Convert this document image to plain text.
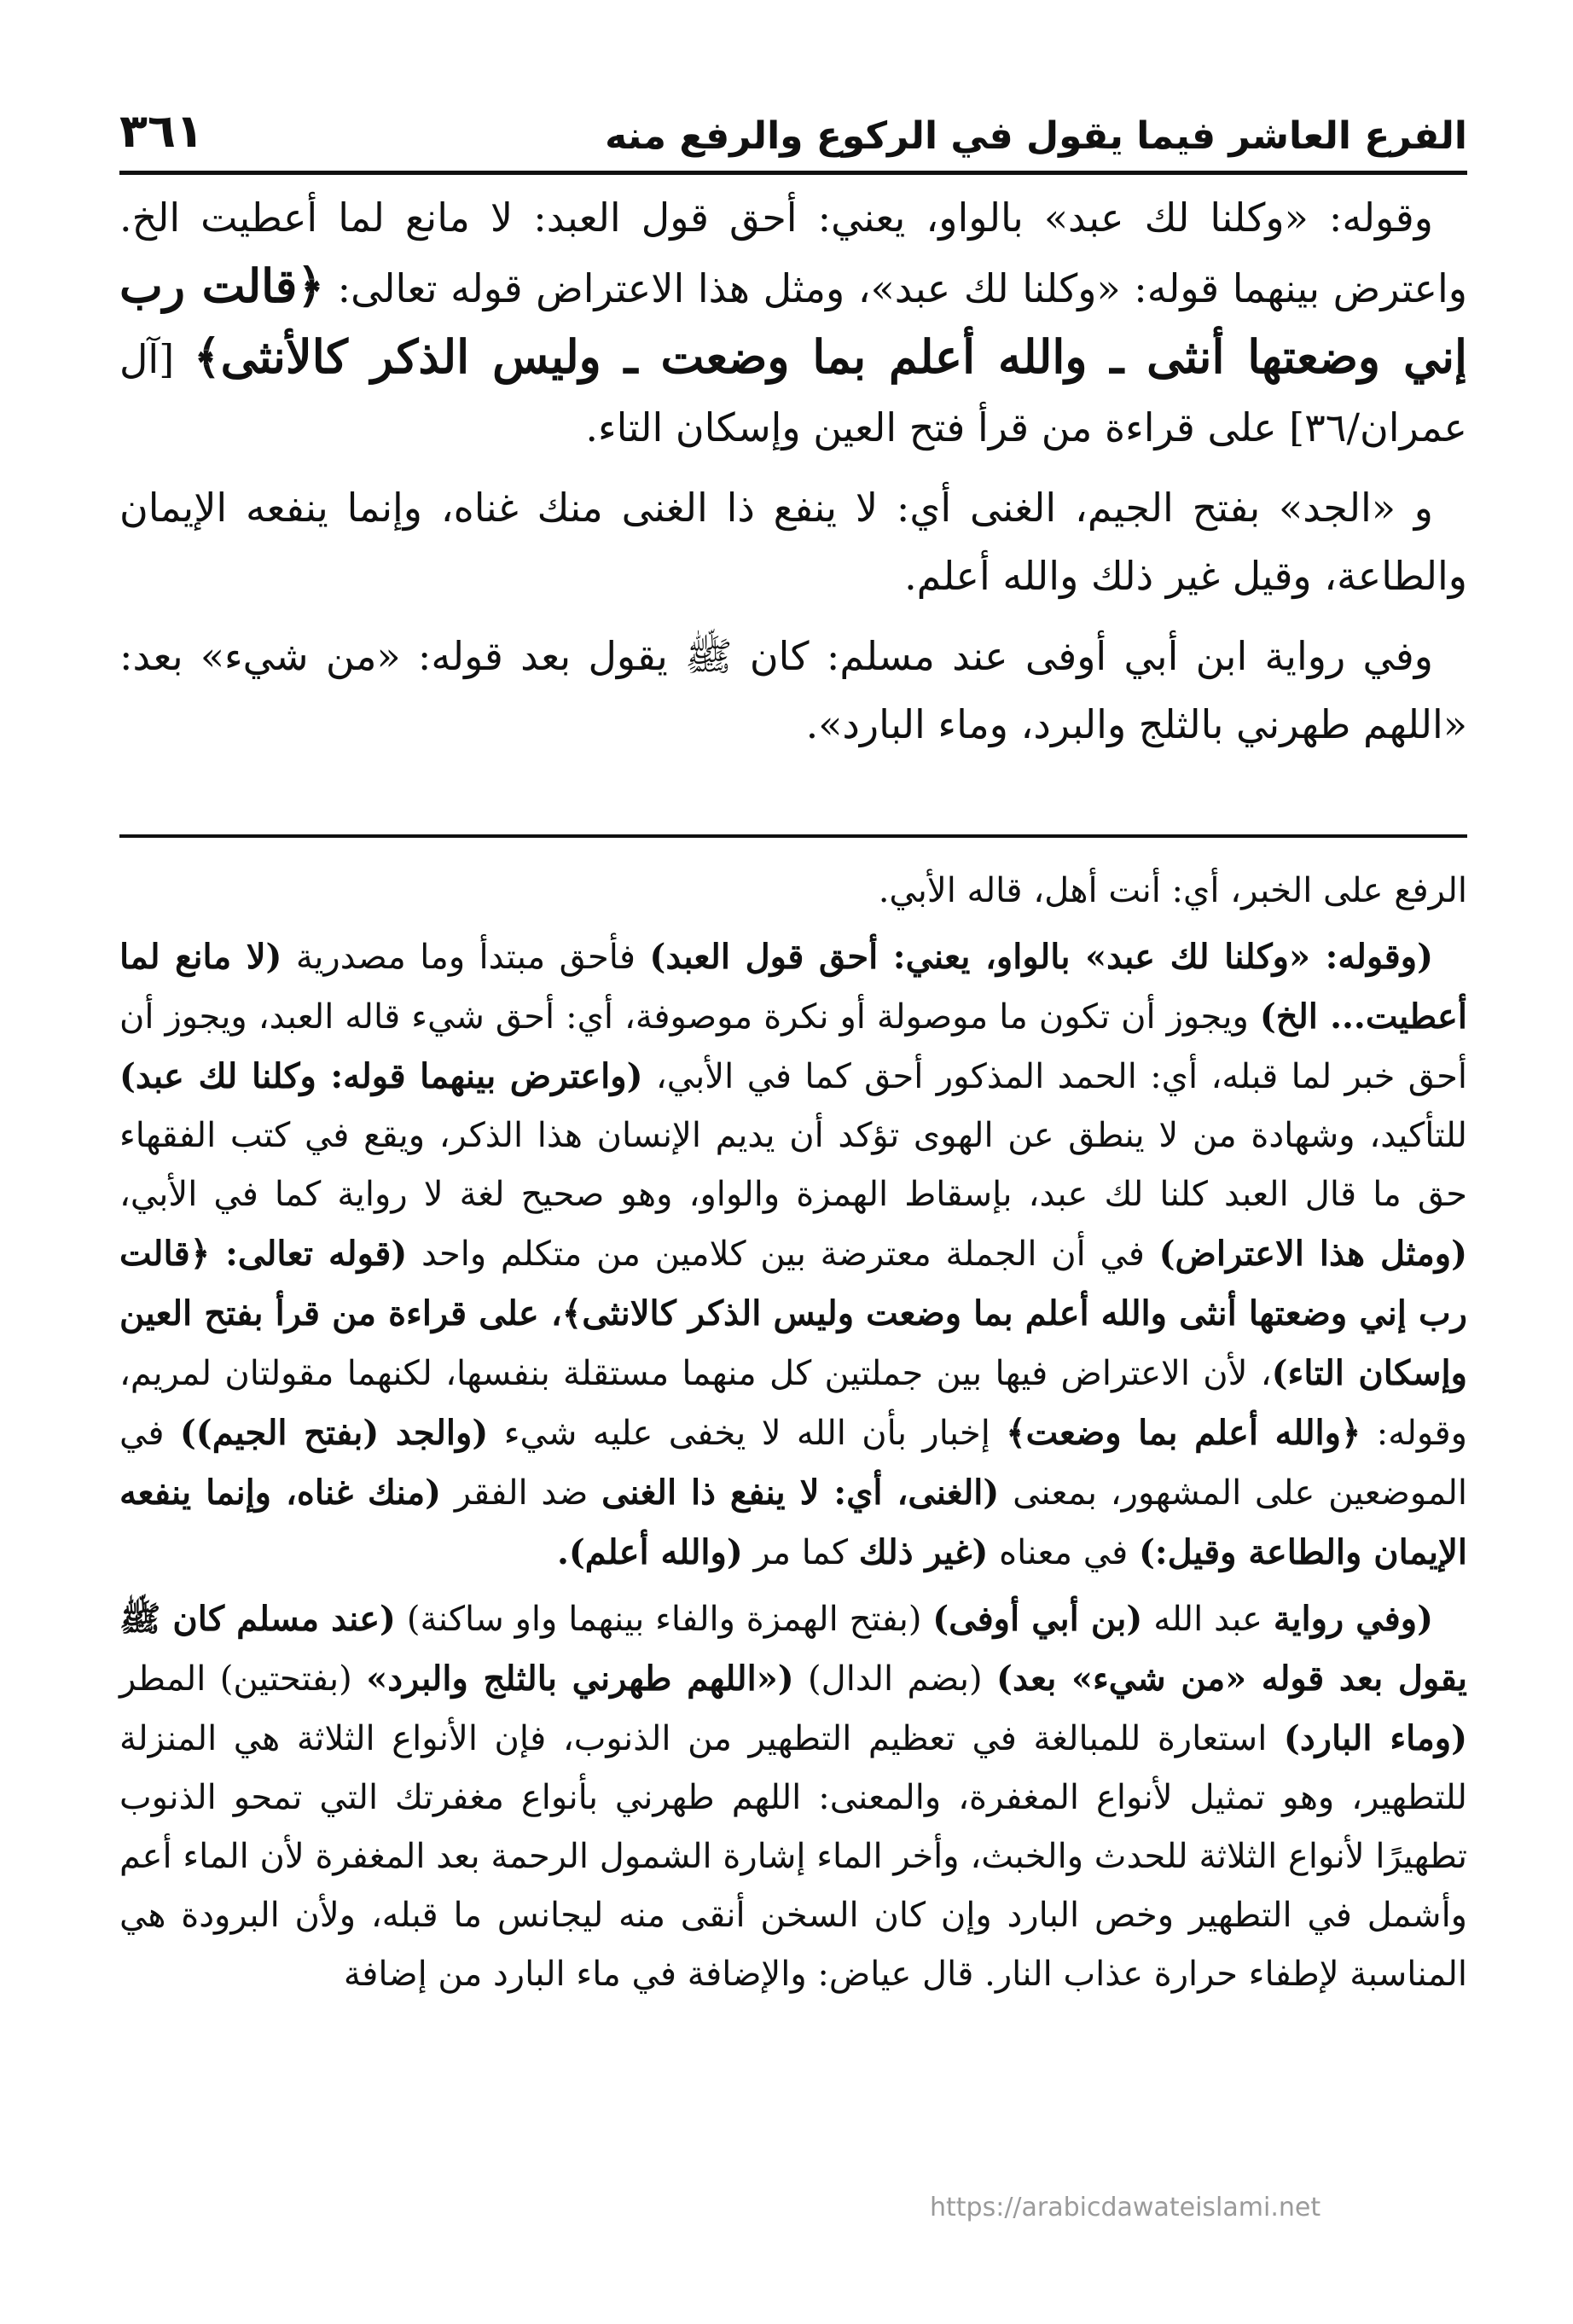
الفرع العاشر فيما يقول في الركوع والرفع منه
٣٦١

وقوله: «وكلنا لك عبد» بالواو، يعني: أحق قول العبد: لا مانع لما أعطيت الخ. واعترض بينهما قوله: «وكلنا لك عبد»، ومثل هذا الاعتراض قوله تعالى: ﴿قالت رب إني وضعتها أنثى ـ والله أعلم بما وضعت ـ وليس الذكر كالأنثى﴾ [آل عمران/٣٦] على قراءة من قرأ فتح العين وإسكان التاء.

و «الجد» بفتح الجيم، الغنى أي: لا ينفع ذا الغنى منك غناه، وإنما ينفعه الإيمان والطاعة، وقيل غير ذلك والله أعلم.

وفي رواية ابن أبي أوفى عند مسلم: كان ﷺ يقول بعد قوله: «من شيء» بعد: «اللهم طهرني بالثلج والبرد، وماء البارد».

الرفع على الخبر، أي: أنت أهل، قاله الأبي.

(وقوله: «وكلنا لك عبد» بالواو، يعني: أحق قول العبد) فأحق مبتدأ وما مصدرية (لا مانع لما أعطيت... الخ) ويجوز أن تكون ما موصولة أو نكرة موصوفة، أي: أحق شيء قاله العبد، ويجوز أن أحق خبر لما قبله، أي: الحمد المذكور أحق كما في الأبي، (واعترض بينهما قوله: وكلنا لك عبد) للتأكيد، وشهادة من لا ينطق عن الهوى تؤكد أن يديم الإنسان هذا الذكر، ويقع في كتب الفقهاء حق ما قال العبد كلنا لك عبد، بإسقاط الهمزة والواو، وهو صحيح لغة لا رواية كما في الأبي، (ومثل هذا الاعتراض) في أن الجملة معترضة بين كلامين من متكلم واحد (قوله تعالى: ﴿قالت رب إني وضعتها أنثى والله أعلم بما وضعت وليس الذكر كالانثى﴾، على قراءة من قرأ بفتح العين وإسكان التاء)، لأن الاعتراض فيها بين جملتين كل منهما مستقلة بنفسها، لكنهما مقولتان لمريم، وقوله: ﴿والله أعلم بما وضعت﴾ إخبار بأن الله لا يخفى عليه شيء (والجد (بفتح الجيم)) في الموضعين على المشهور، بمعنى (الغنى، أي: لا ينفع ذا الغنى ضد الفقر (منك غناه، وإنما ينفعه الإيمان والطاعة وقيل:) في معناه (غير ذلك كما مر (والله أعلم).

(وفي رواية عبد الله (بن أبي أوفى) (بفتح الهمزة والفاء بينهما واو ساكنة) (عند مسلم كان ﷺ يقول بعد قوله «من شيء» بعد) (بضم الدال) («اللهم طهرني بالثلج والبرد» (بفتحتين) المطر (وماء البارد) استعارة للمبالغة في تعظيم التطهير من الذنوب، فإن الأنواع الثلاثة هي المنزلة للتطهير، وهو تمثيل لأنواع المغفرة، والمعنى: اللهم طهرني بأنواع مغفرتك التي تمحو الذنوب تطهيرًا لأنواع الثلاثة للحدث والخبث، وأخر الماء إشارة الشمول الرحمة بعد المغفرة لأن الماء أعم وأشمل في التطهير وخص البارد وإن كان السخن أنقى منه ليجانس ما قبله، ولأن البرودة هي المناسبة لإطفاء حرارة عذاب النار. قال عياض: والإضافة في ماء البارد من إضافة

https://arabicdawateislami.net
